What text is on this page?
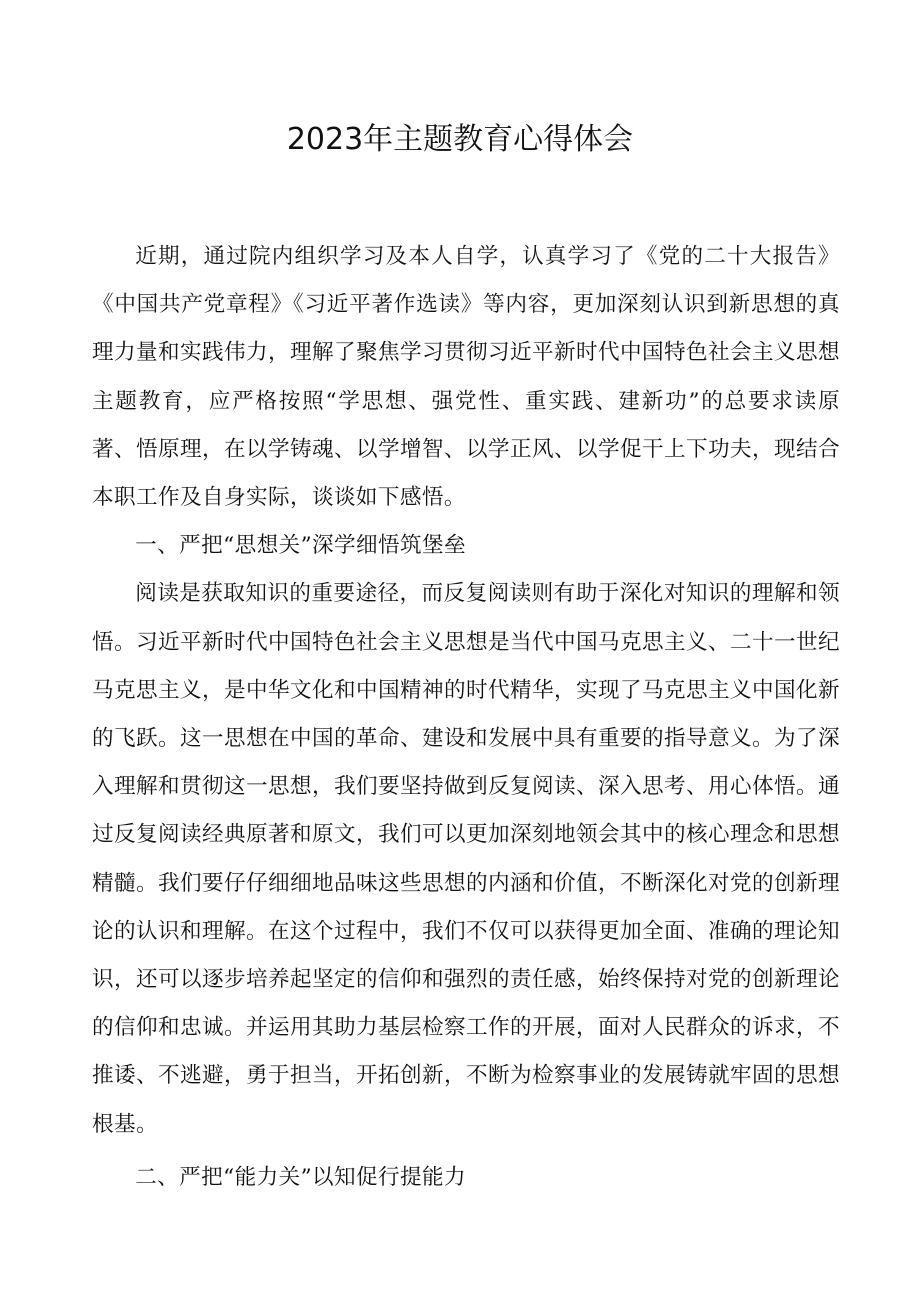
2023年主题教育心得体会

近期，通过院内组织学习及本人自学，认真学习了《党的二十大报告》《中国共产党章程》《习近平著作选读》等内容，更加深刻认识到新思想的真理力量和实践伟力，理解了聚焦学习贯彻习近平新时代中国特色社会主义思想主题教育，应严格按照“学思想、强党性、重实践、建新功”的总要求读原著、悟原理，在以学铸魂、以学增智、以学正风、以学促干上下功夫，现结合本职工作及自身实际，谈谈如下感悟。

一、严把“思想关”深学细悟筑堡垒

阅读是获取知识的重要途径，而反复阅读则有助于深化对知识的理解和领悟。习近平新时代中国特色社会主义思想是当代中国马克思主义、二十一世纪马克思主义，是中华文化和中国精神的时代精华，实现了马克思主义中国化新的飞跃。这一思想在中国的革命、建设和发展中具有重要的指导意义。为了深入理解和贯彻这一思想，我们要坚持做到反复阅读、深入思考、用心体悟。通过反复阅读经典原著和原文，我们可以更加深刻地领会其中的核心理念和思想精髓。我们要仔仔细细地品味这些思想的内涵和价值，不断深化对党的创新理论的认识和理解。在这个过程中，我们不仅可以获得更加全面、准确的理论知识，还可以逐步培养起坚定的信仰和强烈的责任感，始终保持对党的创新理论的信仰和忠诚。并运用其助力基层检察工作的开展，面对人民群众的诉求，不推诿、不逃避，勇于担当，开拓创新，不断为检察事业的发展铸就牢固的思想根基。

二、严把“能力关”以知促行提能力
